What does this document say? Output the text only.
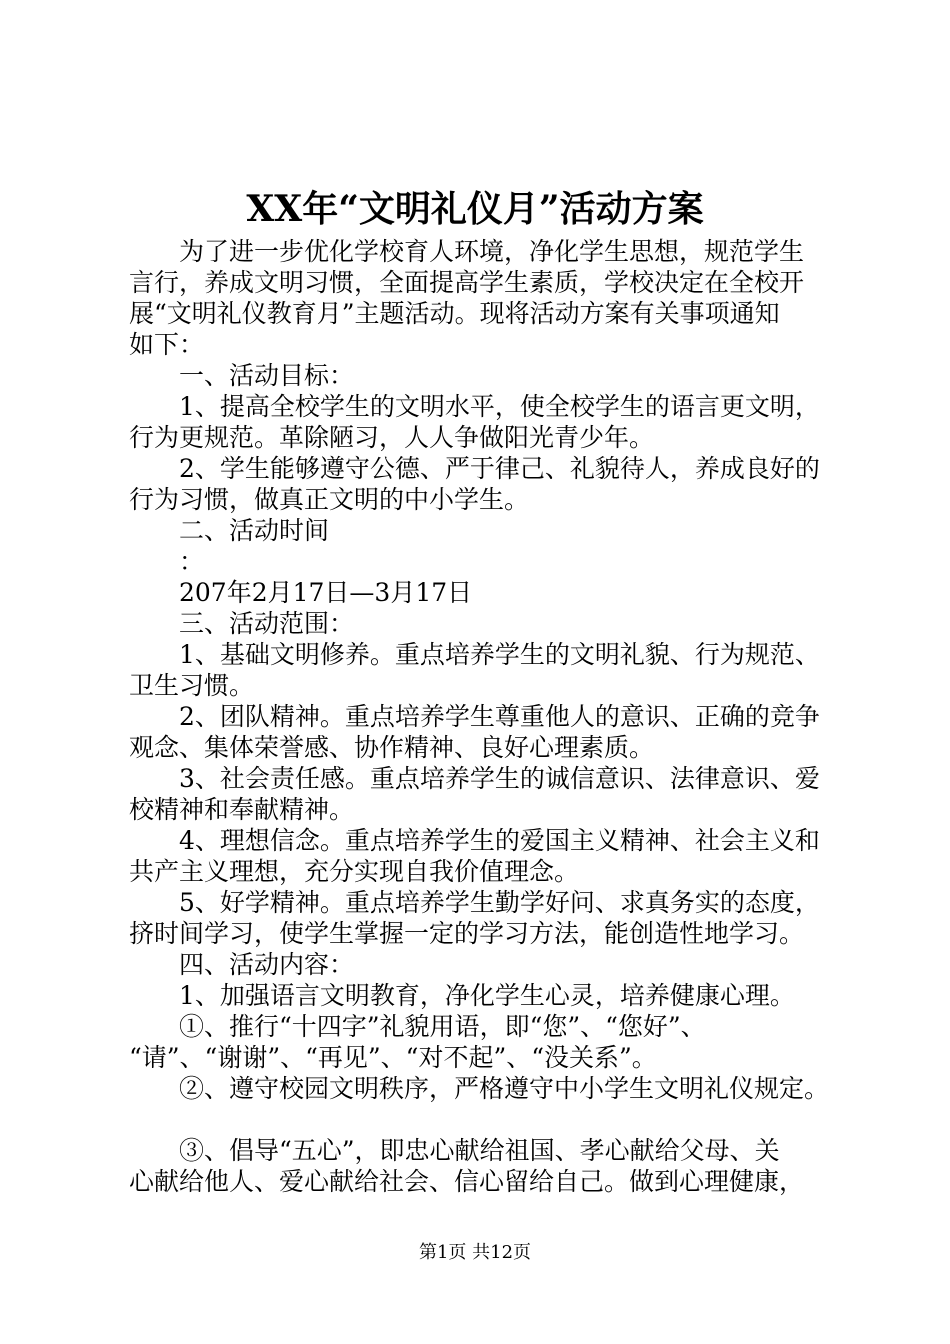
XX年“文明礼仪月”活动方案
为了进一步优化学校育人环境，净化学生思想，规范学生
言行，养成文明习惯，全面提高学生素质，学校决定在全校开
展“文明礼仪教育月”主题活动。现将活动方案有关事项通知
如下：
一、活动目标：
1、提高全校学生的文明水平，使全校学生的语言更文明，
行为更规范。革除陋习，人人争做阳光青少年。
2、学生能够遵守公德、严于律己、礼貌待人，养成良好的
行为习惯，做真正文明的中小学生。
二、活动时间
：
207年2月17日—3月17日
三、活动范围：
1、基础文明修养。重点培养学生的文明礼貌、行为规范、
卫生习惯。
2、团队精神。重点培养学生尊重他人的意识、正确的竞争
观念、集体荣誉感、协作精神、良好心理素质。
3、社会责任感。重点培养学生的诚信意识、法律意识、爱
校精神和奉献精神。
4、理想信念。重点培养学生的爱国主义精神、社会主义和
共产主义理想，充分实现自我价值理念。
5、好学精神。重点培养学生勤学好问、求真务实的态度，
挤时间学习，使学生掌握一定的学习方法，能创造性地学习。
四、活动内容：
1、加强语言文明教育，净化学生心灵，培养健康心理。
①、推行“十四字”礼貌用语，即“您”、“您好”、
“请”、“谢谢”、“再见”、“对不起”、“没关系”。
②、遵守校园文明秩序，严格遵守中小学生文明礼仪规定。
③、倡导“五心”，即忠心献给祖国、孝心献给父母、关
心献给他人、爱心献给社会、信心留给自己。做到心理健康，
第1页 共12页
